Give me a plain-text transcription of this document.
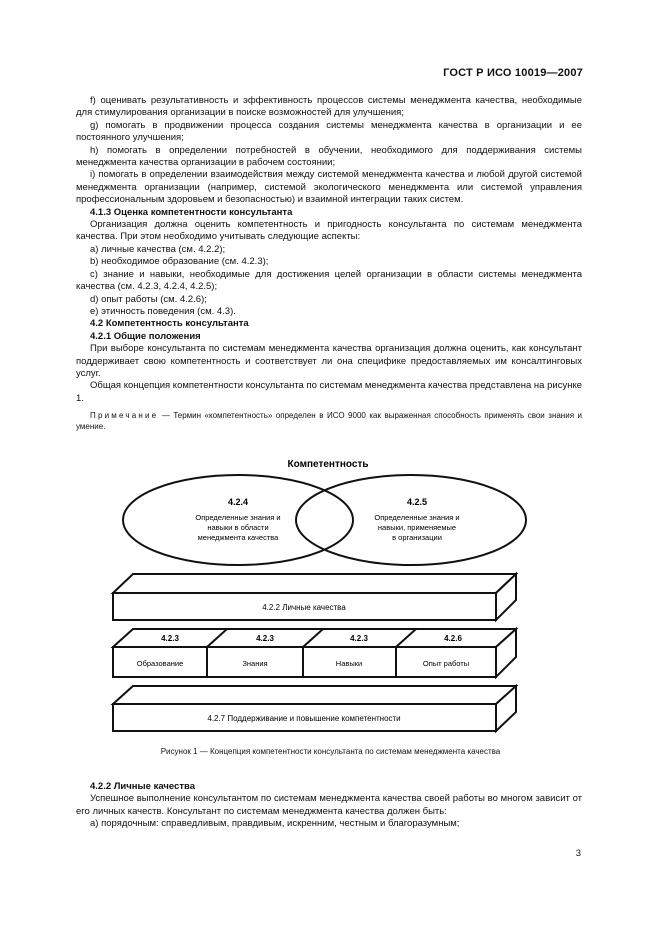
ГОСТ Р ИСО 10019—2007

f) оценивать результативность и эффективность процессов системы менеджмента качества, необходимые для стимулирования организации в поиске возможностей для улучшения;

g) помогать в продвижении процесса создания системы менеджмента качества в организации и ее постоянного улучшения;

h) помогать в определении потребностей в обучении, необходимого для поддерживания системы менеджмента качества организации в рабочем состоянии;

i) помогать в определении взаимодействия между системой менеджмента качества и любой другой системой менеджмента организации (например, системой экологического менеджмента или системой управления профессиональным здоровьем и безопасностью) и взаимной интеграции таких систем.

4.1.3 Оценка компетентности консультанта

Организация должна оценить компетентность и пригодность консультанта по системам менеджмента качества. При этом необходимо учитывать следующие аспекты:

a) личные качества (см. 4.2.2);

b) необходимое образование (см. 4.2.3);

c) знание и навыки, необходимые для достижения целей организации в области системы менеджмента качества (см. 4.2.3, 4.2.4, 4.2.5);

d) опыт работы (см. 4.2.6);

e) этичность поведения (см. 4.3).

4.2 Компетентность консультанта

4.2.1 Общие положения

При выборе консультанта по системам менеджмента качества организация должна оценить, как консультант поддерживает свою компетентность и соответствует ли она специфике предоставляемых им консалтинговых услуг.

Общая концепция компетентности консультанта по системам менеджмента качества представлена на рисунке 1.

Примечание — Термин «компетентность» определен в ИСО 9000 как выраженная способность применять свои знания и умение.

Компетентность
4.2.4
Определенные знания и
навыки в области
менеджмента качества
4.2.5
Определенные знания и
навыки, применяемые
в организации
4.2.2 Личные качества
4.2.3	4.2.3	4.2.3	4.2.6
Образование	Знания	Навыки	Опыт работы
4.2.7 Поддерживание и повышение компетентности
Рисунок 1 — Концепция компетентности консультанта по системам менеджмента качества

4.2.2 Личные качества

Успешное выполнение консультантом по системам менеджмента качества своей работы во многом зависит от его личных качеств. Консультант по системам менеджмента качества должен быть:

a) порядочным: справедливым, правдивым, искренним, честным и благоразумным;

3
